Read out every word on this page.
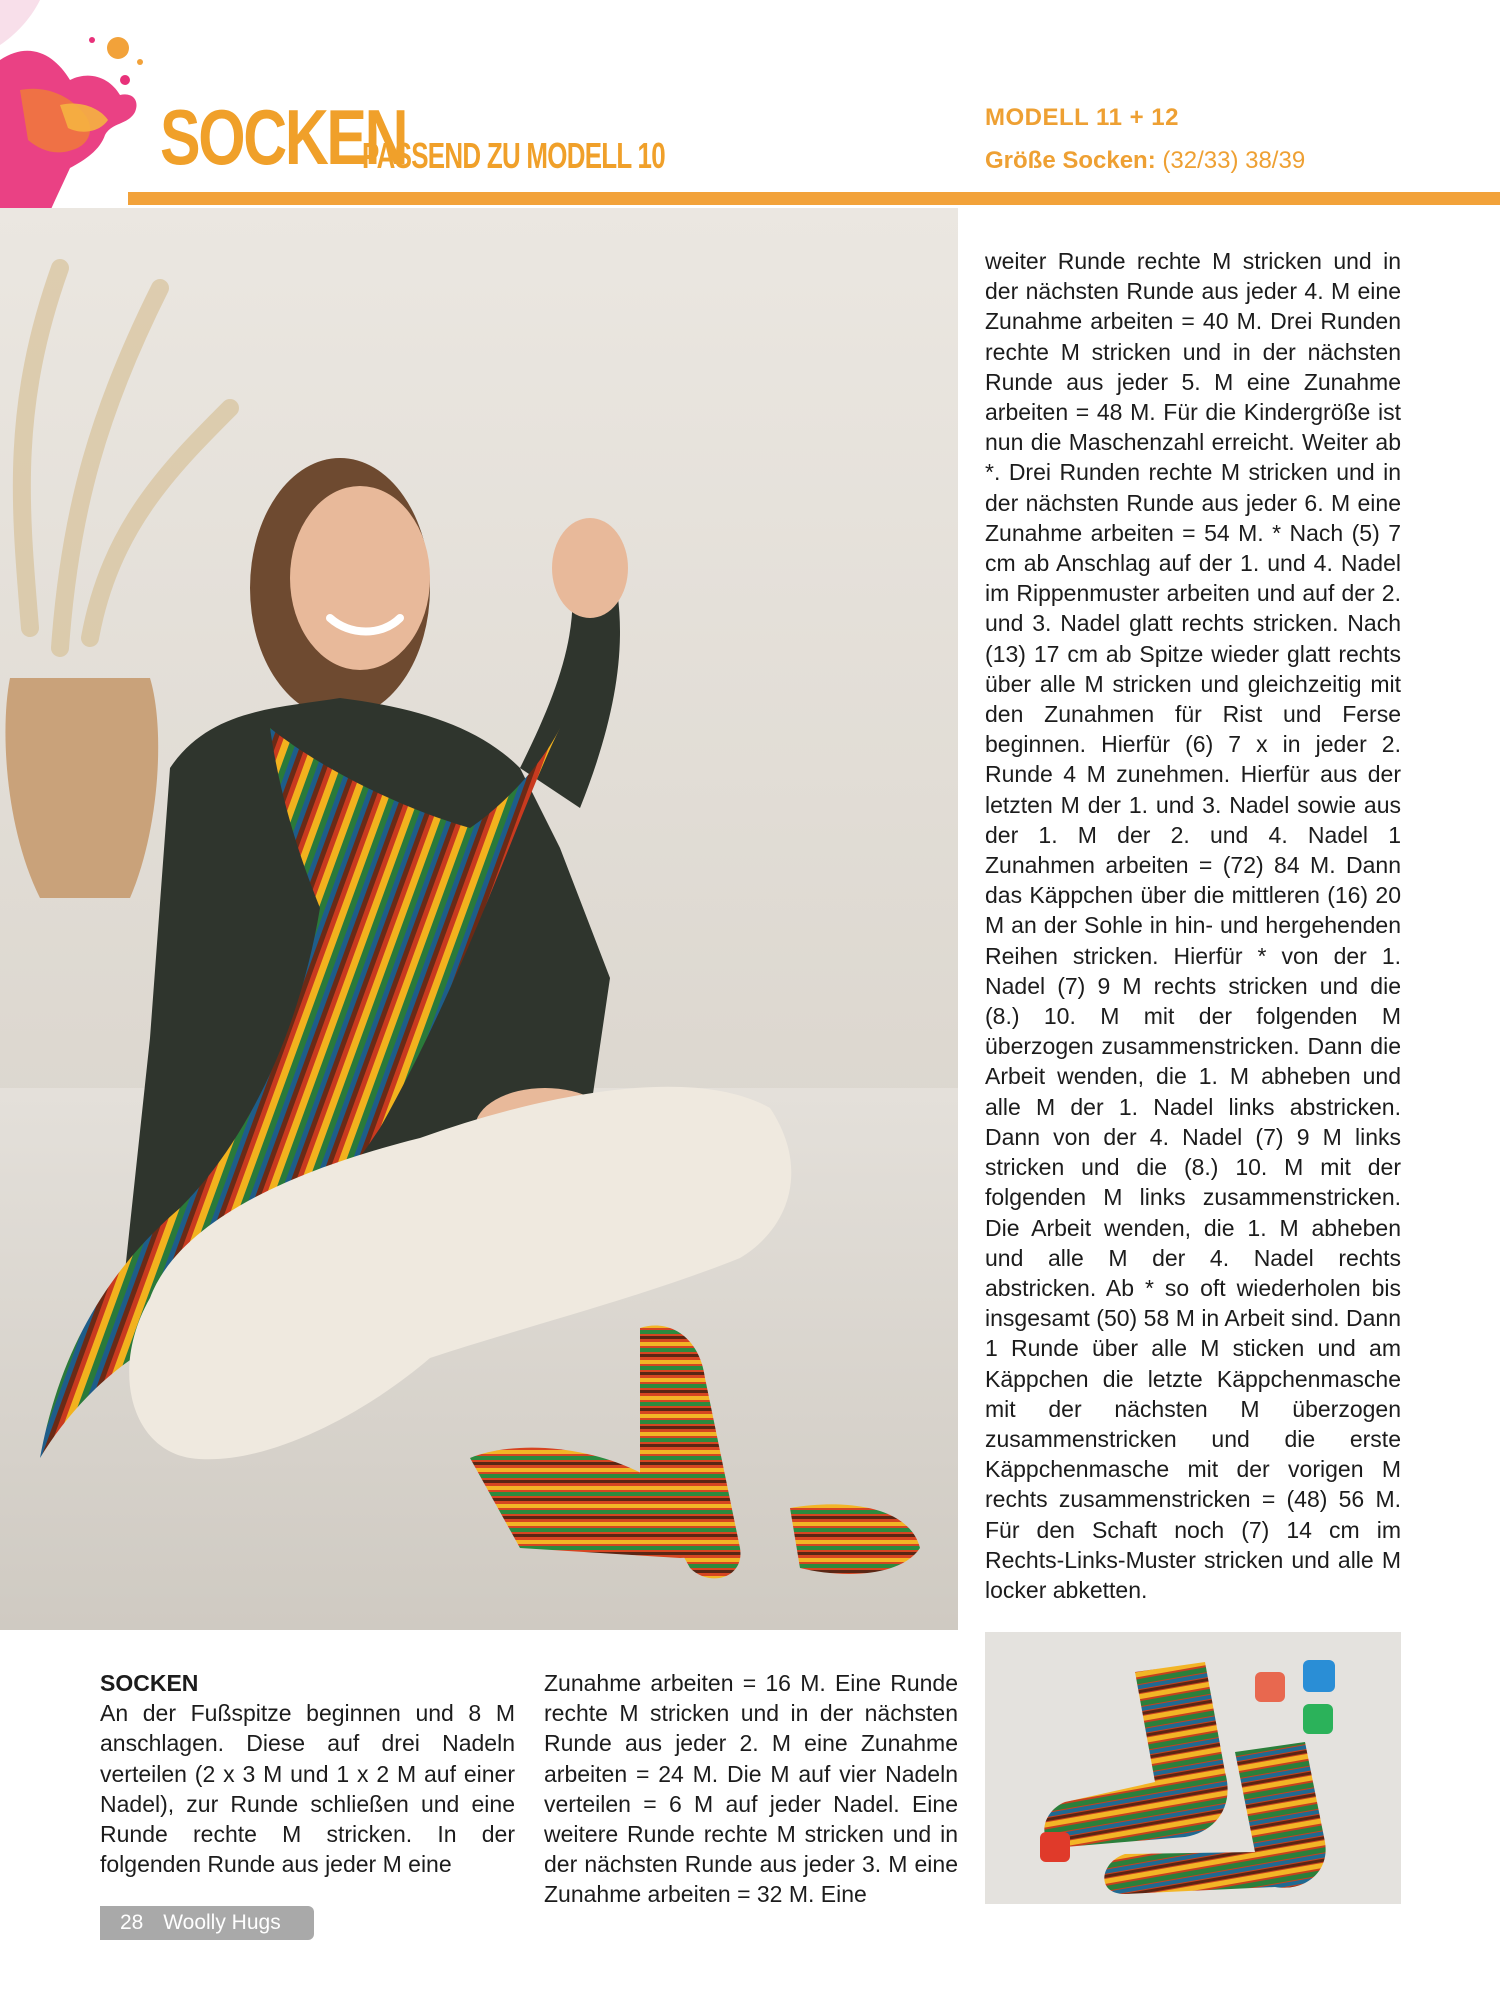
SOCKEN
PASSEND ZU MODELL 10
MODELL 11 + 12
Größe Socken: (32/33) 38/39
weiter Runde rechte M stricken und in der nächsten Runde aus jeder 4. M eine Zunahme arbeiten = 40 M. Drei Runden rechte M stricken und in der nächsten Runde aus jeder 5. M eine Zunahme arbeiten = 48 M. Für die Kindergröße ist nun die Maschenzahl erreicht. Weiter ab *. Drei Runden rechte M stricken und in der nächsten Runde aus jeder 6. M eine Zunahme arbeiten = 54 M. * Nach (5) 7 cm ab Anschlag auf der 1. und 4. Nadel im Rippenmuster arbeiten und auf der 2. und 3. Nadel glatt rechts stricken. Nach (13) 17 cm ab Spitze wieder glatt rechts über alle M stricken und gleichzeitig mit den Zunahmen für Rist und Ferse beginnen. Hierfür (6) 7 x in jeder 2. Runde 4 M zunehmen. Hierfür aus der letzten M der 1. und 3. Nadel sowie aus der 1. M der 2. und 4. Nadel 1 Zunahmen arbeiten = (72) 84 M. Dann das Käppchen über die mittleren (16) 20 M an der Sohle in hin- und hergehenden Reihen stricken. Hierfür * von der 1. Nadel (7) 9 M rechts stricken und die (8.) 10. M mit der folgenden M überzogen zusammenstricken. Dann die Arbeit wenden, die 1. M abheben und alle M der 1. Nadel links abstricken. Dann von der 4. Nadel (7) 9 M links stricken und die (8.) 10. M mit der folgenden M links zusammenstricken. Die Arbeit wenden, die 1. M abheben und alle M der 4. Nadel rechts abstricken. Ab * so oft wiederholen bis insgesamt (50) 58 M in Arbeit sind. Dann 1 Runde über alle M sticken und am Käppchen die letzte Käppchenmasche mit der nächsten M überzogen zusammenstricken und die erste Käppchenmasche mit der vorigen M rechts zusammenstricken = (48) 56 M. Für den Schaft noch (7) 14 cm im Rechts-Links-Muster stricken und alle M locker abketten.
SOCKEN
An der Fußspitze beginnen und 8 M anschlagen. Diese auf drei Nadeln verteilen (2 x 3 M und 1 x 2 M auf einer Nadel), zur Runde schließen und eine Runde rechte M stricken. In der folgenden Runde aus jeder M eine
Zunahme arbeiten = 16 M. Eine Runde rechte M stricken und in der nächsten Runde aus jeder 2. M eine Zunahme arbeiten = 24 M. Die M auf vier Nadeln verteilen = 6 M auf jeder Nadel. Eine weitere Runde rechte M stricken und in der nächsten Runde aus jeder 3. M eine Zunahme arbeiten = 32 M. Eine
28 Woolly Hugs
